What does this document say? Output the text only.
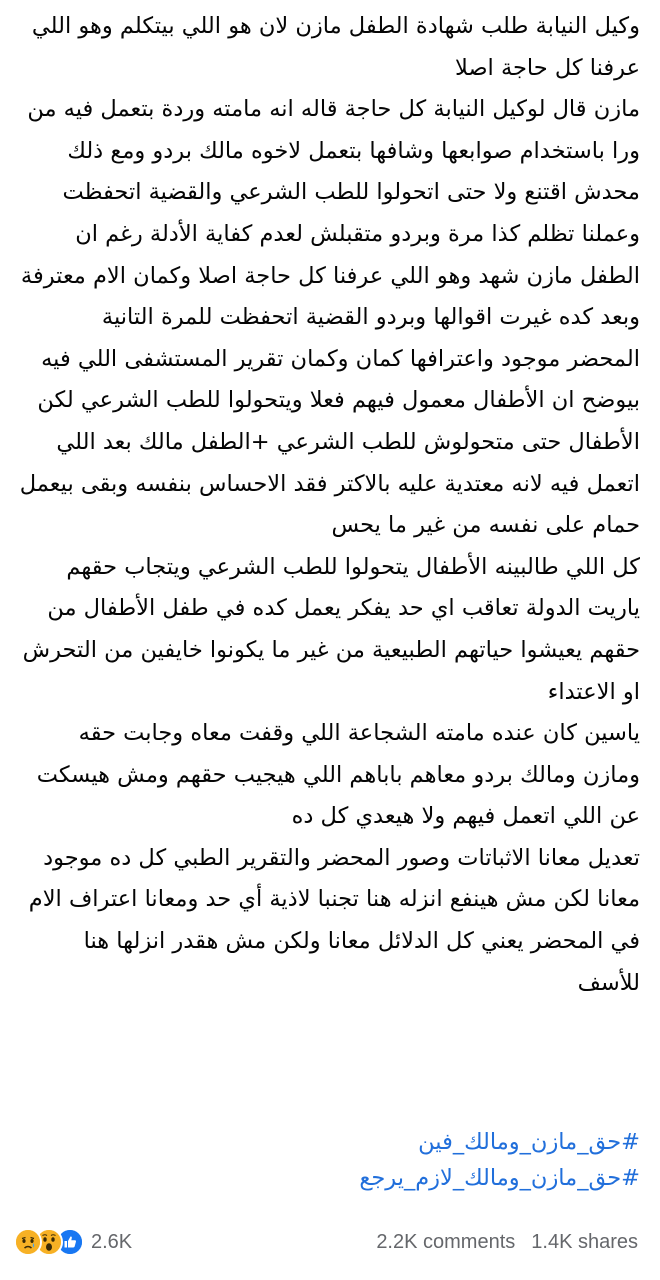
وكيل النيابة طلب شهادة الطفل مازن لان هو اللي بيتكلم وهو اللي عرفنا كل حاجة اصلا

مازن قال لوكيل النيابة كل حاجة قاله انه مامته وردة بتعمل فيه من ورا باستخدام صوابعها وشافها بتعمل لاخوه مالك بردو ومع ذلك محدش اقتنع ولا حتى اتحولوا للطب الشرعي والقضية اتحفظت وعملنا تظلم كذا مرة وبردو متقبلش لعدم كفاية الأدلة رغم ان الطفل مازن شهد وهو اللي عرفنا كل حاجة اصلا وكمان الام معترفة وبعد كده غيرت اقوالها وبردو القضية اتحفظت للمرة التانية

المحضر موجود واعترافها كمان وكمان تقرير المستشفى اللي فيه بيوضح ان الأطفال معمول فيهم فعلا ويتحولوا للطب الشرعي لكن الأطفال حتى متحولوش للطب الشرعي +الطفل مالك بعد اللي اتعمل فيه لانه معتدية عليه بالاكتر فقد الاحساس بنفسه وبقى بيعمل حمام على نفسه من غير ما يحس

كل اللي طالبينه الأطفال يتحولوا للطب الشرعي ويتجاب حقهم ياريت الدولة تعاقب اي حد يفكر يعمل كده في طفل الأطفال من حقهم يعيشوا حياتهم الطبيعية من غير ما يكونوا خايفين من التحرش او الاعتداء

ياسين كان عنده مامته الشجاعة اللي وقفت معاه وجابت حقه ومازن ومالك بردو معاهم باباهم اللي هيجيب حقهم ومش هيسكت عن اللي اتعمل فيهم ولا هيعدي كل ده

تعديل معانا الاثباتات وصور المحضر والتقرير الطبي كل ده موجود معانا لكن مش هينفع انزله هنا تجنبا لاذية أي حد ومعانا اعتراف الام في المحضر يعني كل الدلائل معانا ولكن مش هقدر انزلها هنا للأسف

#حق_مازن_ومالك_فين
#حق_مازن_ومالك_لازم_يرجع
2.6K	2.2K comments 1.4K shares
